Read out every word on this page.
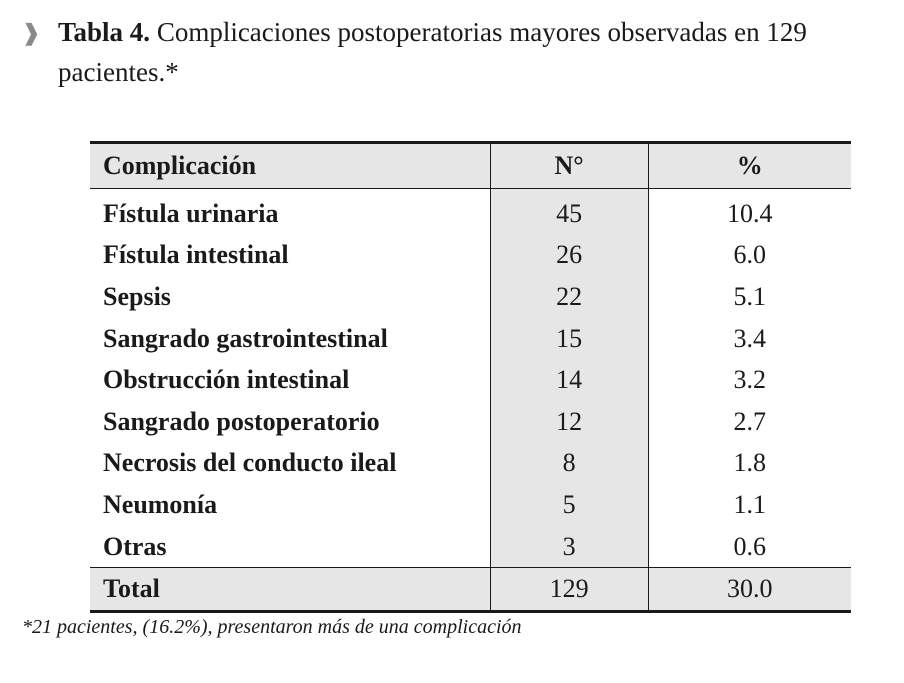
❱ Tabla 4. Complicaciones postoperatorias mayores observadas en 129 pacientes.*
Complicación	N°	%
Fístula urinaria	45	10.4
Fístula intestinal	26	6.0
Sepsis	22	5.1
Sangrado gastrointestinal	15	3.4
Obstrucción intestinal	14	3.2
Sangrado postoperatorio	12	2.7
Necrosis del conducto ileal	8	1.8
Neumonía	5	1.1
Otras	3	0.6
Total	129	30.0
*21 pacientes, (16.2%), presentaron más de una complicación
